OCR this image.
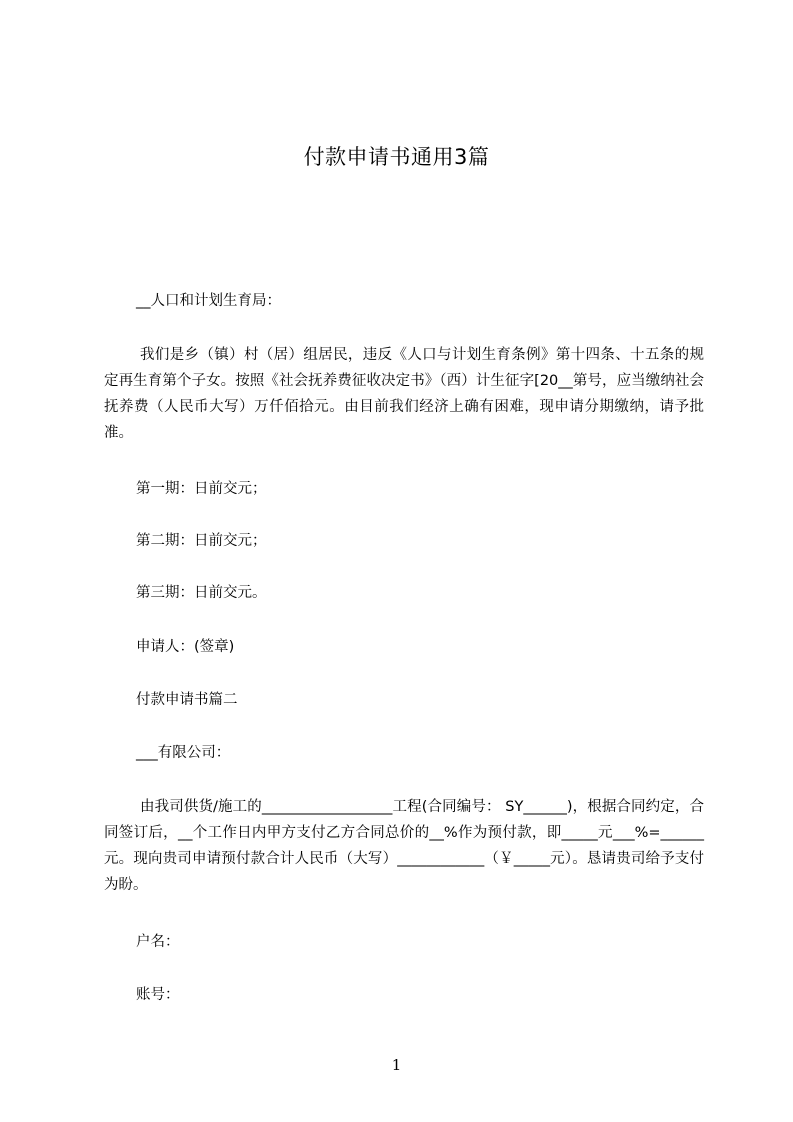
付款申请书通用3篇
__人口和计划生育局：
我们是乡（镇）村（居）组居民，违反《人口与计划生育条例》第十四条、十五条的规定再生育第个子女。按照《社会抚养费征收决定书》（西）计生征字[20__第号，应当缴纳社会抚养费（人民币大写）万仟佰拾元。由目前我们经济上确有困难，现申请分期缴纳，请予批准。
第一期：日前交元；
第二期：日前交元；
第三期：日前交元。
申请人：(签章)
付款申请书篇二
___有限公司：
由我司供货/施工的__________________工程(合同编号： SY______)，根据合同约定，合同签订后，__个工作日内甲方支付乙方合同总价的__%作为预付款，即_____元___%=______元。现向贵司申请预付款合计人民币（大写）____________（￥_____元）。恳请贵司给予支付为盼。
户名：
账号：
1
